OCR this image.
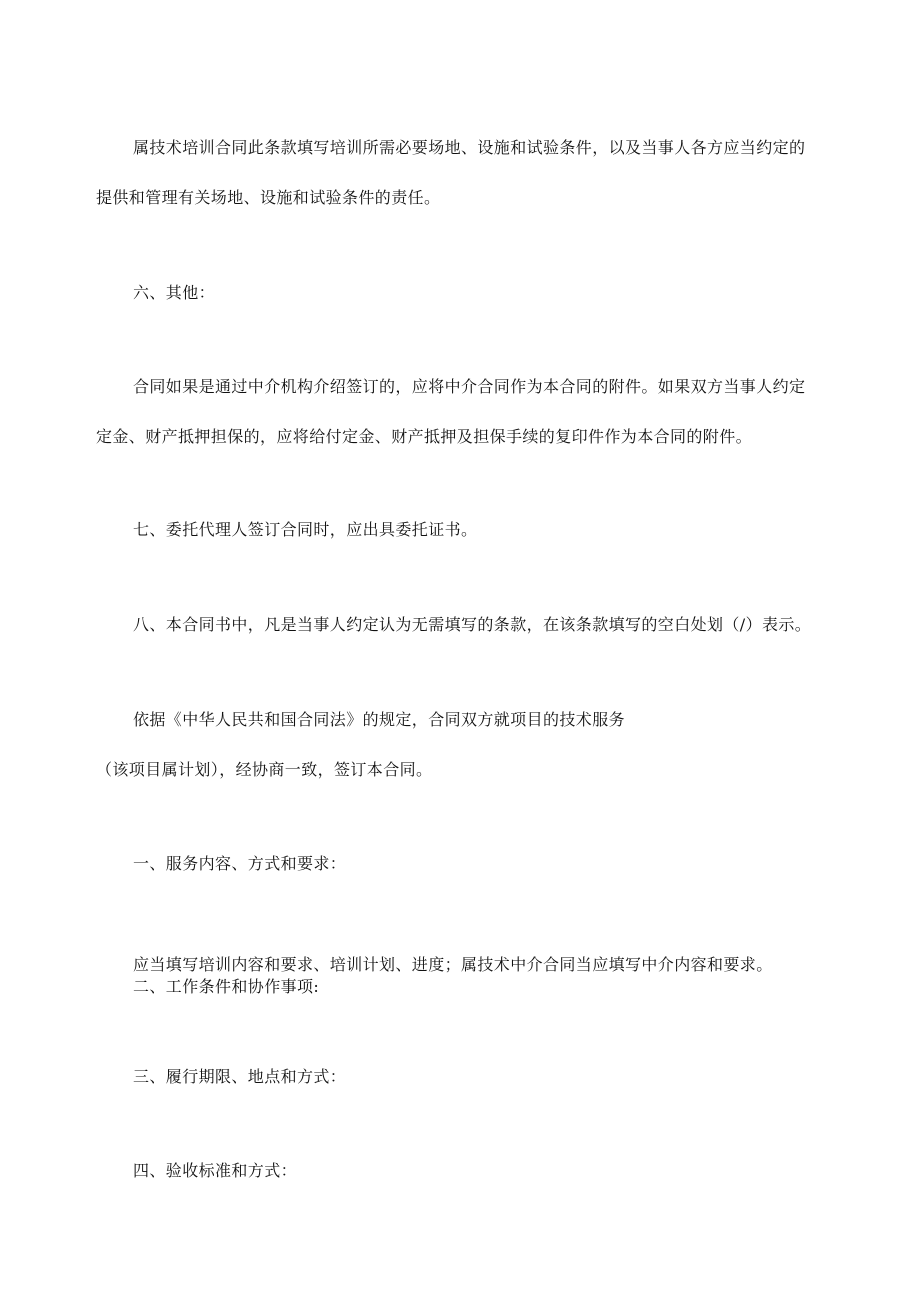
属技术培训合同此条款填写培训所需必要场地、设施和试验条件，以及当事人各方应当约定的
提供和管理有关场地、设施和试验条件的责任。
六、其他：
合同如果是通过中介机构介绍签订的，应将中介合同作为本合同的附件。如果双方当事人约定
定金、财产抵押担保的，应将给付定金、财产抵押及担保手续的复印件作为本合同的附件。
七、委托代理人签订合同时，应出具委托证书。
八、本合同书中，凡是当事人约定认为无需填写的条款，在该条款填写的空白处划（/）表示。
依据《中华人民共和国合同法》的规定，合同双方就项目的技术服务
（该项目属计划），经协商一致，签订本合同。
一、服务内容、方式和要求：
应当填写培训内容和要求、培训计划、进度；属技术中介合同当应填写中介内容和要求。
二、工作条件和协作事项:
三、履行期限、地点和方式：
四、验收标准和方式：
